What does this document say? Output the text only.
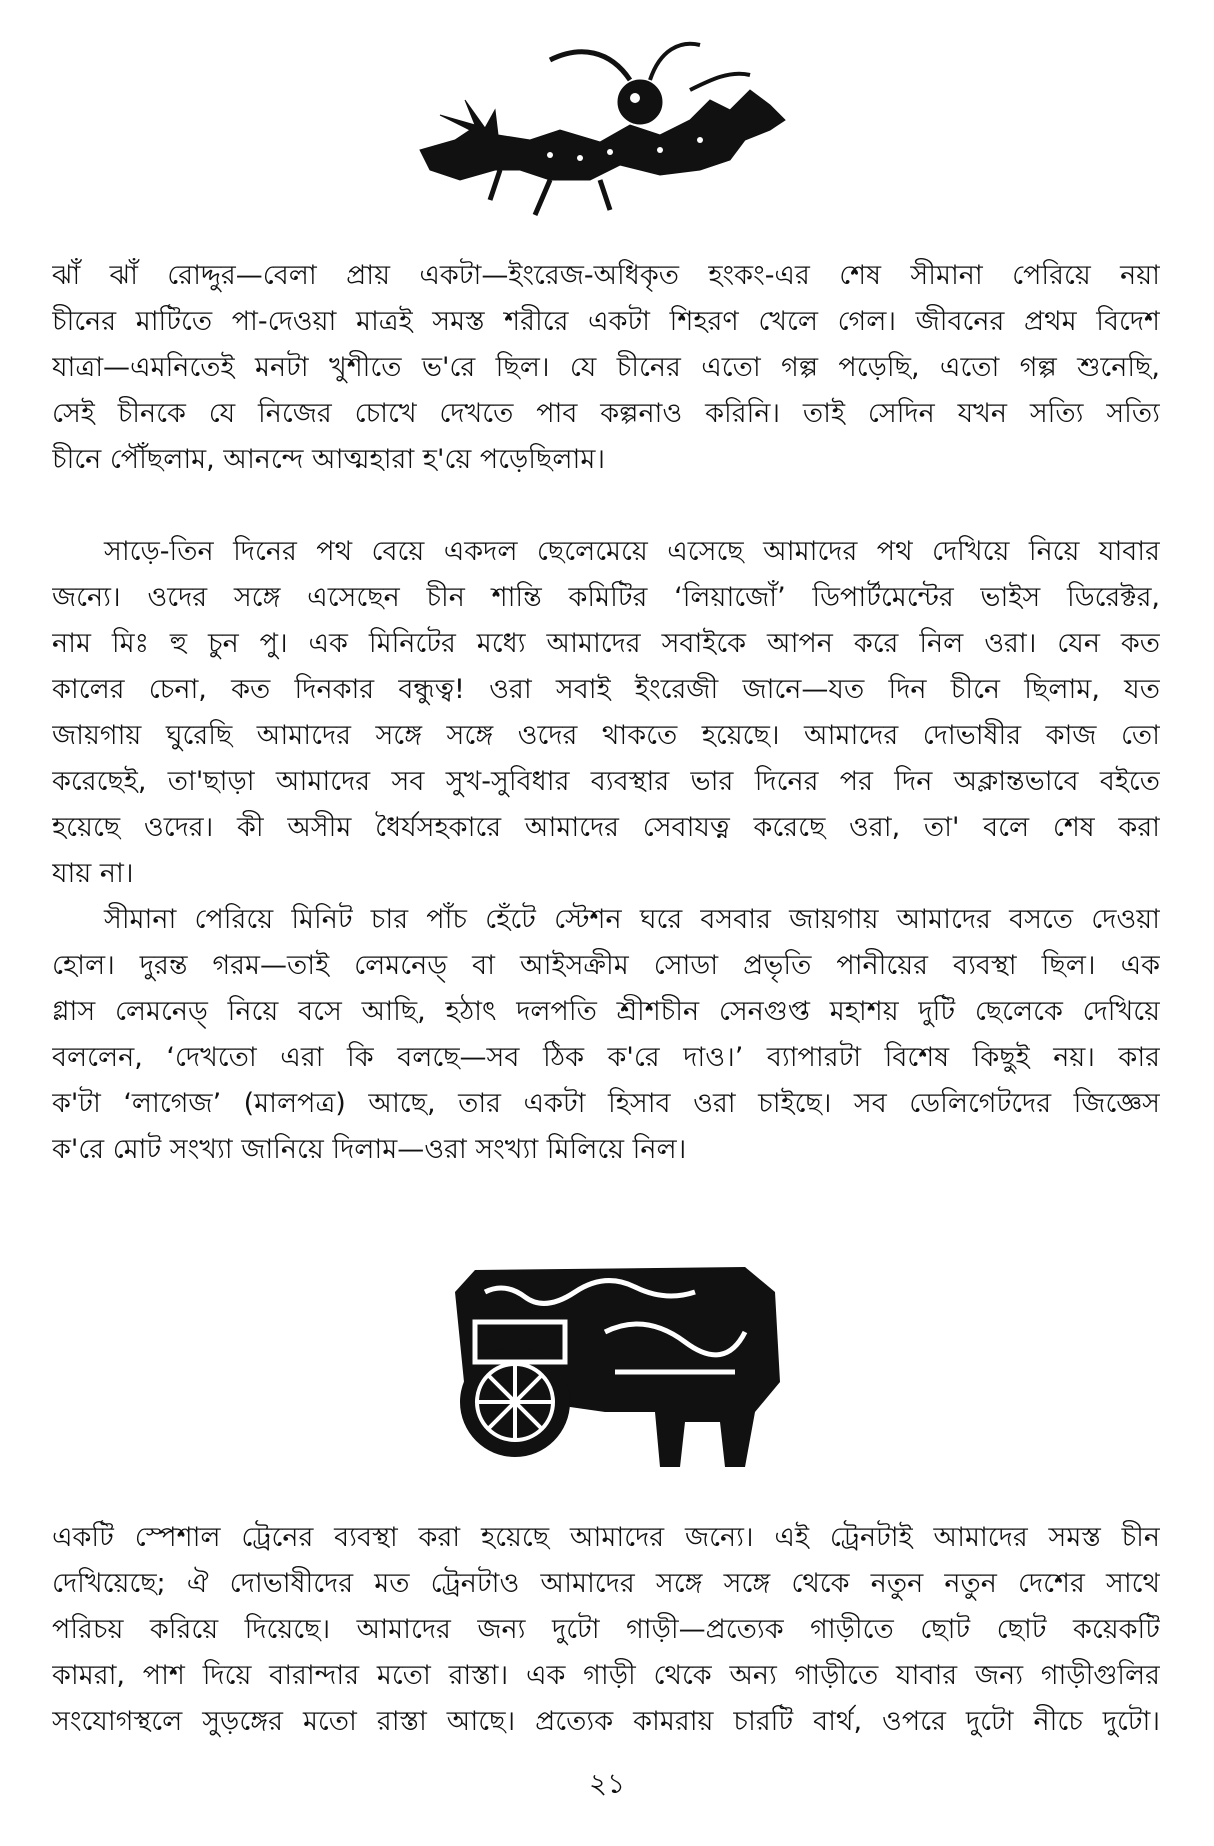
ঝাঁ ঝাঁ রোদ্দুর—বেলা প্রায় একটা—ইংরেজ-অধিকৃত হংকং-এর শেষ সীমানা পেরিয়ে নয়া
চীনের মাটিতে পা-দেওয়া মাত্রই সমস্ত শরীরে একটা শিহরণ খেলে গেল। জীবনের প্রথম বিদেশ
যাত্রা—এমনিতেই মনটা খুশীতে ভ'রে ছিল। যে চীনের এতো গল্প পড়েছি, এতো গল্প শুনেছি,
সেই চীনকে যে নিজের চোখে দেখতে পাব কল্পনাও করিনি। তাই সেদিন যখন সত্যি সত্যি
চীনে পৌঁছলাম, আনন্দে আত্মহারা হ'য়ে পড়েছিলাম।
সাড়ে-তিন দিনের পথ বেয়ে একদল ছেলেমেয়ে এসেছে আমাদের পথ দেখিয়ে নিয়ে যাবার
জন্যে। ওদের সঙ্গে এসেছেন চীন শান্তি কমিটির ‘লিয়াজোঁ’ ডিপার্টমেন্টের ভাইস ডিরেক্টর,
নাম মিঃ হু চুন পু। এক মিনিটের মধ্যে আমাদের সবাইকে আপন করে নিল ওরা। যেন কত
কালের চেনা, কত দিনকার বন্ধুত্ব! ওরা সবাই ইংরেজী জানে—যত দিন চীনে ছিলাম, যত
জায়গায় ঘুরেছি আমাদের সঙ্গে সঙ্গে ওদের থাকতে হয়েছে। আমাদের দোভাষীর কাজ তো
করেছেই, তা'ছাড়া আমাদের সব সুখ-সুবিধার ব্যবস্থার ভার দিনের পর দিন অক্লান্তভাবে বইতে
হয়েছে ওদের। কী অসীম ধৈর্যসহকারে আমাদের সেবাযত্ন করেছে ওরা, তা' বলে শেষ করা
যায় না।
সীমানা পেরিয়ে মিনিট চার পাঁচ হেঁটে স্টেশন ঘরে বসবার জায়গায় আমাদের বসতে দেওয়া
হোল। দুরন্ত গরম—তাই লেমনেড্ বা আইসক্রীম সোডা প্রভৃতি পানীয়ের ব্যবস্থা ছিল। এক
গ্লাস লেমনেড্ নিয়ে বসে আছি, হঠাৎ দলপতি শ্রীশচীন সেনগুপ্ত মহাশয় দুটি ছেলেকে দেখিয়ে
বললেন, ‘দেখতো এরা কি বলছে—সব ঠিক ক'রে দাও।’ ব্যাপারটা বিশেষ কিছুই নয়। কার
ক'টা ‘লাগেজ’ (মালপত্র) আছে, তার একটা হিসাব ওরা চাইছে। সব ডেলিগেটদের জিজ্ঞেস
ক'রে মোট সংখ্যা জানিয়ে দিলাম—ওরা সংখ্যা মিলিয়ে নিল।
একটি স্পেশাল ট্রেনের ব্যবস্থা করা হয়েছে আমাদের জন্যে। এই ট্রেনটাই আমাদের সমস্ত চীন
দেখিয়েছে; ঐ দোভাষীদের মত ট্রেনটাও আমাদের সঙ্গে সঙ্গে থেকে নতুন নতুন দেশের সাথে
পরিচয় করিয়ে দিয়েছে। আমাদের জন্য দুটো গাড়ী—প্রত্যেক গাড়ীতে ছোট ছোট কয়েকটি
কামরা, পাশ দিয়ে বারান্দার মতো রাস্তা। এক গাড়ী থেকে অন্য গাড়ীতে যাবার জন্য গাড়ীগুলির
সংযোগস্থলে সুড়ঙ্গের মতো রাস্তা আছে। প্রত্যেক কামরায় চারটি বার্থ, ওপরে দুটো নীচে দুটো।
২১
